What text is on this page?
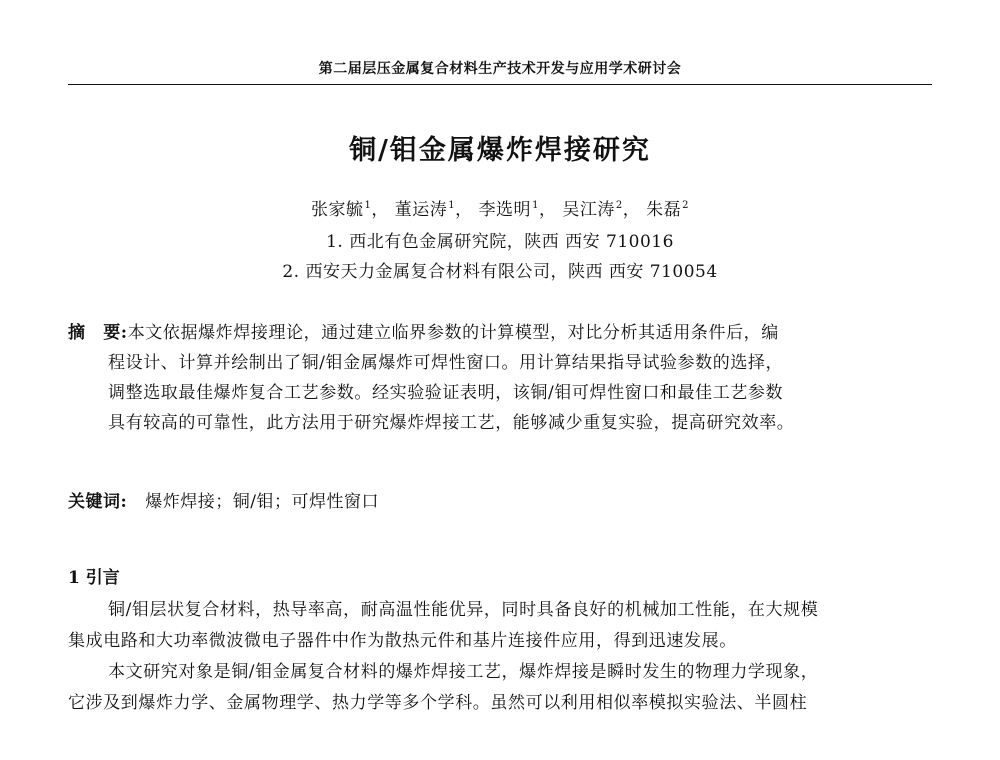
第二届层压金属复合材料生产技术开发与应用学术研讨会
铜/钼金属爆炸焊接研究
张家毓$^1$， 董运涛$^1$， 李选明$^1$， 吴江涛$^2$， 朱磊$^2$
1. 西北有色金属研究院，陕西 西安 710016
2. 西安天力金属复合材料有限公司，陕西 西安 710054
摘　要:本文依据爆炸焊接理论，通过建立临界参数的计算模型，对比分析其适用条件后，编
程设计、计算并绘制出了铜/钼金属爆炸可焊性窗口。用计算结果指导试验参数的选择，
调整选取最佳爆炸复合工艺参数。经实验验证表明，该铜/钼可焊性窗口和最佳工艺参数
具有较高的可靠性，此方法用于研究爆炸焊接工艺，能够减少重复实验，提高研究效率。
关键词: 爆炸焊接；铜/钼；可焊性窗口
1 引言
铜/钼层状复合材料，热导率高，耐高温性能优异，同时具备良好的机械加工性能，在大规模
集成电路和大功率微波微电子器件中作为散热元件和基片连接件应用，得到迅速发展。
本文研究对象是铜/钼金属复合材料的爆炸焊接工艺，爆炸焊接是瞬时发生的物理力学现象，
它涉及到爆炸力学、金属物理学、热力学等多个学科。虽然可以利用相似率模拟实验法、半圆柱
